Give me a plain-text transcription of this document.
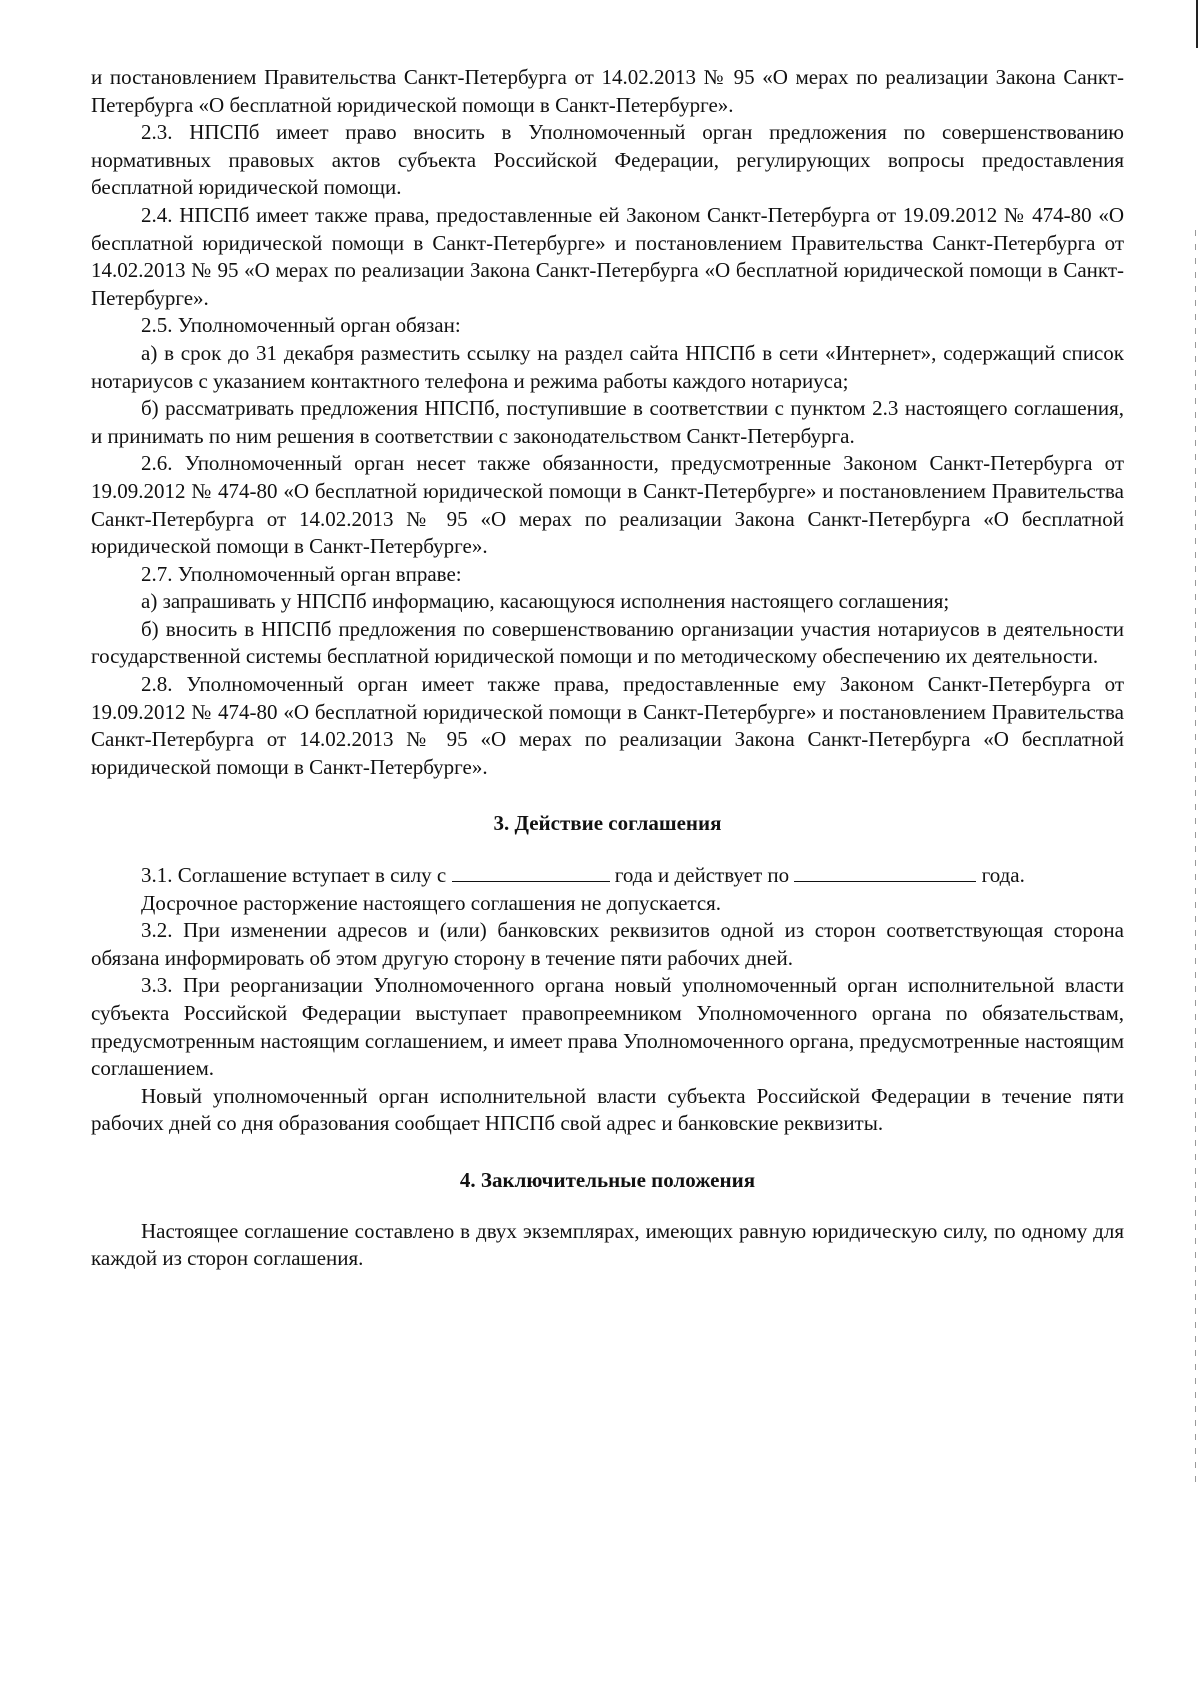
и постановлением Правительства Санкт-Петербурга от 14.02.2013 № 95 «О мерах по реализации Закона Санкт-Петербурга «О бесплатной юридической помощи в Санкт-Петербурге».

2.3. НПСПб имеет право вносить в Уполномоченный орган предложения по совершенствованию нормативных правовых актов субъекта Российской Федерации, регулирующих вопросы предоставления бесплатной юридической помощи.

2.4. НПСПб имеет также права, предоставленные ей Законом Санкт-Петербурга от 19.09.2012 № 474-80 «О бесплатной юридической помощи в Санкт-Петербурге» и постановлением Правительства Санкт-Петербурга от 14.02.2013 № 95 «О мерах по реализации Закона Санкт-Петербурга «О бесплатной юридической помощи в Санкт-Петербурге».

2.5. Уполномоченный орган обязан:

а) в срок до 31 декабря разместить ссылку на раздел сайта НПСПб в сети «Интернет», содержащий список нотариусов с указанием контактного телефона и режима работы каждого нотариуса;

б) рассматривать предложения НПСПб, поступившие в соответствии с пунктом 2.3 настоящего соглашения, и принимать по ним решения в соответствии с законодательством Санкт-Петербурга.

2.6. Уполномоченный орган несет также обязанности, предусмотренные Законом Санкт-Петербурга от 19.09.2012 № 474-80 «О бесплатной юридической помощи в Санкт-Петербурге» и постановлением Правительства Санкт-Петербурга от 14.02.2013 № 95 «О мерах по реализации Закона Санкт-Петербурга «О бесплатной юридической помощи в Санкт-Петербурге».

2.7. Уполномоченный орган вправе:

а) запрашивать у НПСПб информацию, касающуюся исполнения настоящего соглашения;

б) вносить в НПСПб предложения по совершенствованию организации участия нотариусов в деятельности государственной системы бесплатной юридической помощи и по методическому обеспечению их деятельности.

2.8. Уполномоченный орган имеет также права, предоставленные ему Законом Санкт-Петербурга от 19.09.2012 № 474-80 «О бесплатной юридической помощи в Санкт-Петербурге» и постановлением Правительства Санкт-Петербурга от 14.02.2013 № 95 «О мерах по реализации Закона Санкт-Петербурга «О бесплатной юридической помощи в Санкт-Петербурге».

3. Действие соглашения

3.1. Соглашение вступает в силу с	года и действует по	года.

Досрочное расторжение настоящего соглашения не допускается.

3.2. При изменении адресов и (или) банковских реквизитов одной из сторон соответствующая сторона обязана информировать об этом другую сторону в течение пяти рабочих дней.

3.3. При реорганизации Уполномоченного органа новый уполномоченный орган исполнительной власти субъекта Российской Федерации выступает правопреемником Уполномоченного органа по обязательствам, предусмотренным настоящим соглашением, и имеет права Уполномоченного органа, предусмотренные настоящим соглашением.

Новый уполномоченный орган исполнительной власти субъекта Российской Федерации в течение пяти рабочих дней со дня образования сообщает НПСПб свой адрес и банковские реквизиты.

4. Заключительные положения

Настоящее соглашение составлено в двух экземплярах, имеющих равную юридическую силу, по одному для каждой из сторон соглашения.
